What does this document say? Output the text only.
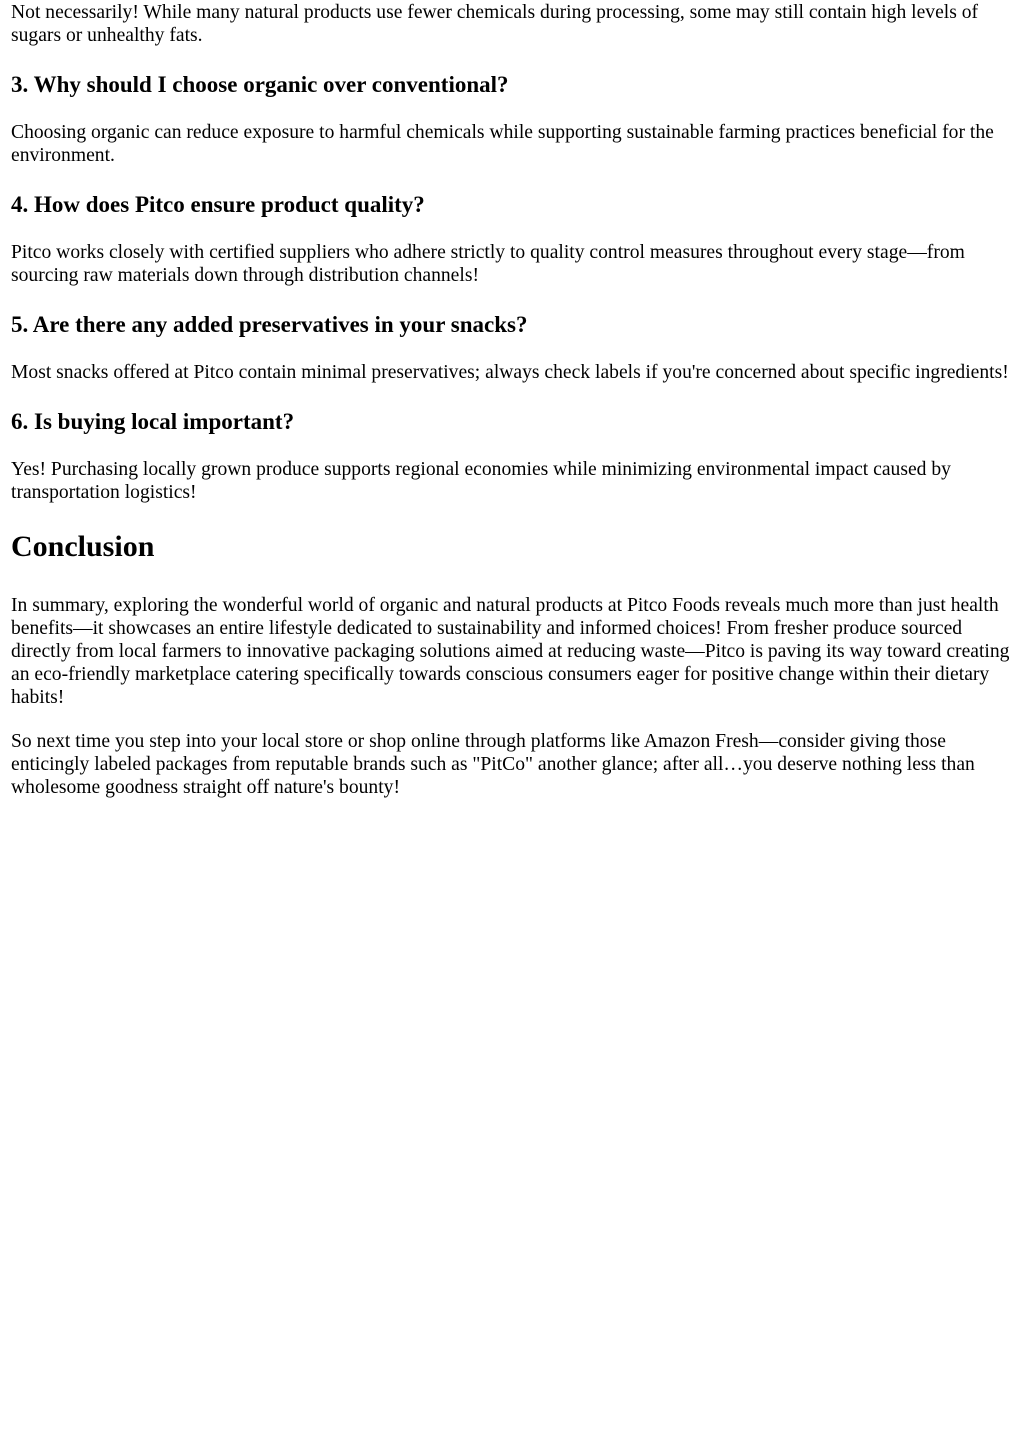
Not necessarily! While many natural products use fewer chemicals during processing, some may still contain high levels of sugars or unhealthy fats.

3. Why should I choose organic over conventional?

Choosing organic can reduce exposure to harmful chemicals while supporting sustainable farming practices beneficial for the environment.

4. How does Pitco ensure product quality?

Pitco works closely with certified suppliers who adhere strictly to quality control measures throughout every stage—from sourcing raw materials down through distribution channels!

5. Are there any added preservatives in your snacks?

Most snacks offered at Pitco contain minimal preservatives; always check labels if you're concerned about specific ingredients!

6. Is buying local important?

Yes! Purchasing locally grown produce supports regional economies while minimizing environmental impact caused by transportation logistics!

Conclusion

In summary, exploring the wonderful world of organic and natural products at Pitco Foods reveals much more than just health benefits—it showcases an entire lifestyle dedicated to sustainability and informed choices! From fresher produce sourced directly from local farmers to innovative packaging solutions aimed at reducing waste—Pitco is paving its way toward creating an eco-friendly marketplace catering specifically towards conscious consumers eager for positive change within their dietary habits!

So next time you step into your local store or shop online through platforms like Amazon Fresh—consider giving those enticingly labeled packages from reputable brands such as "PitCo" another glance; after all…you deserve nothing less than wholesome goodness straight off nature's bounty!
